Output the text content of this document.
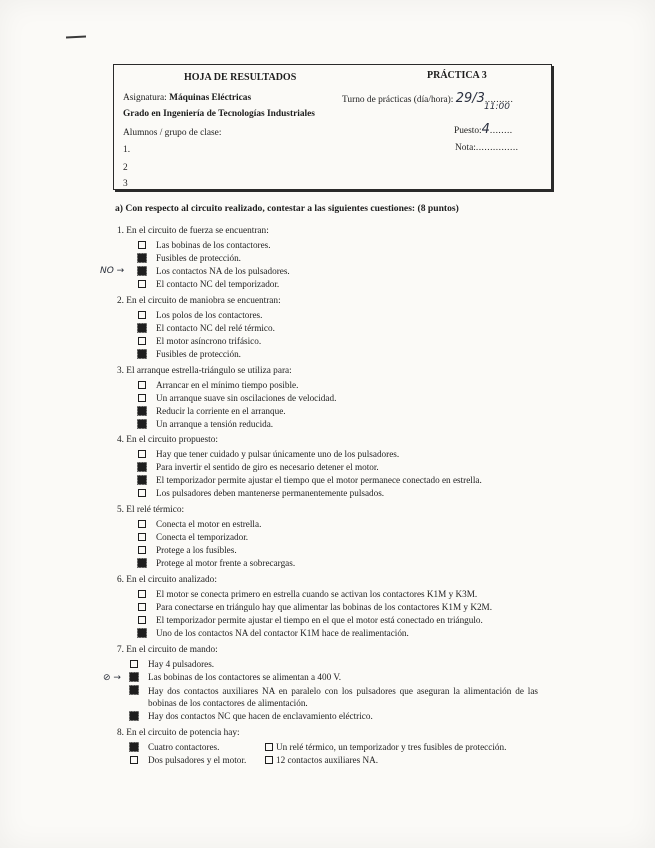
HOJA DE RESULTADOS	PRÁCTICA 3
Asignatura: Máquinas Eléctricas	Turno de prácticas (día/hora): 29/3..........
11:00
Grado en Ingeniería de Tecnologías Industriales
Alumnos / grupo de clase:	Puesto:4........
1.	Nota:...............
2
3
a) Con respecto al circuito realizado, contestar a las siguientes cuestiones: (8 puntos)
1. En el circuito de fuerza se encuentran:
NO →
Las bobinas de los contactores.
Fusibles de protección.
Los contactos NA de los pulsadores.
El contacto NC del temporizador.
2. En el circuito de maniobra se encuentran:
Los polos de los contactores.
El contacto NC del relé térmico.
El motor asíncrono trifásico.
Fusibles de protección.
3. El arranque estrella-triángulo se utiliza para:
Arrancar en el mínimo tiempo posible.
Un arranque suave sin oscilaciones de velocidad.
Reducir la corriente en el arranque.
Un arranque a tensión reducida.
4. En el circuito propuesto:
Hay que tener cuidado y pulsar únicamente uno de los pulsadores.
Para invertir el sentido de giro es necesario detener el motor.
El temporizador permite ajustar el tiempo que el motor permanece conectado en estrella.
Los pulsadores deben mantenerse permanentemente pulsados.
5. El relé térmico:
Conecta el motor en estrella.
Conecta el temporizador.
Protege a los fusibles.
Protege al motor frente a sobrecargas.
6. En el circuito analizado:
El motor se conecta primero en estrella cuando se activan los contactores K1M y K3M.
Para conectarse en triángulo hay que alimentar las bobinas de los contactores K1M y K2M.
El temporizador permite ajustar el tiempo en el que el motor está conectado en triángulo.
Uno de los contactos NA del contactor K1M hace de realimentación.
7. En el circuito de mando:
⊘ →
Hay 4 pulsadores.
Las bobinas de los contactores se alimentan a 400 V.
Hay dos contactos auxiliares NA en paralelo con los pulsadores que aseguran la alimentación de las bobinas de los contactores de alimentación.
Hay dos contactos NC que hacen de enclavamiento eléctrico.
8. En el circuito de potencia hay:
Cuatro contactores.	Un relé térmico, un temporizador y tres fusibles de protección.
Dos pulsadores y el motor.	12 contactos auxiliares NA.
